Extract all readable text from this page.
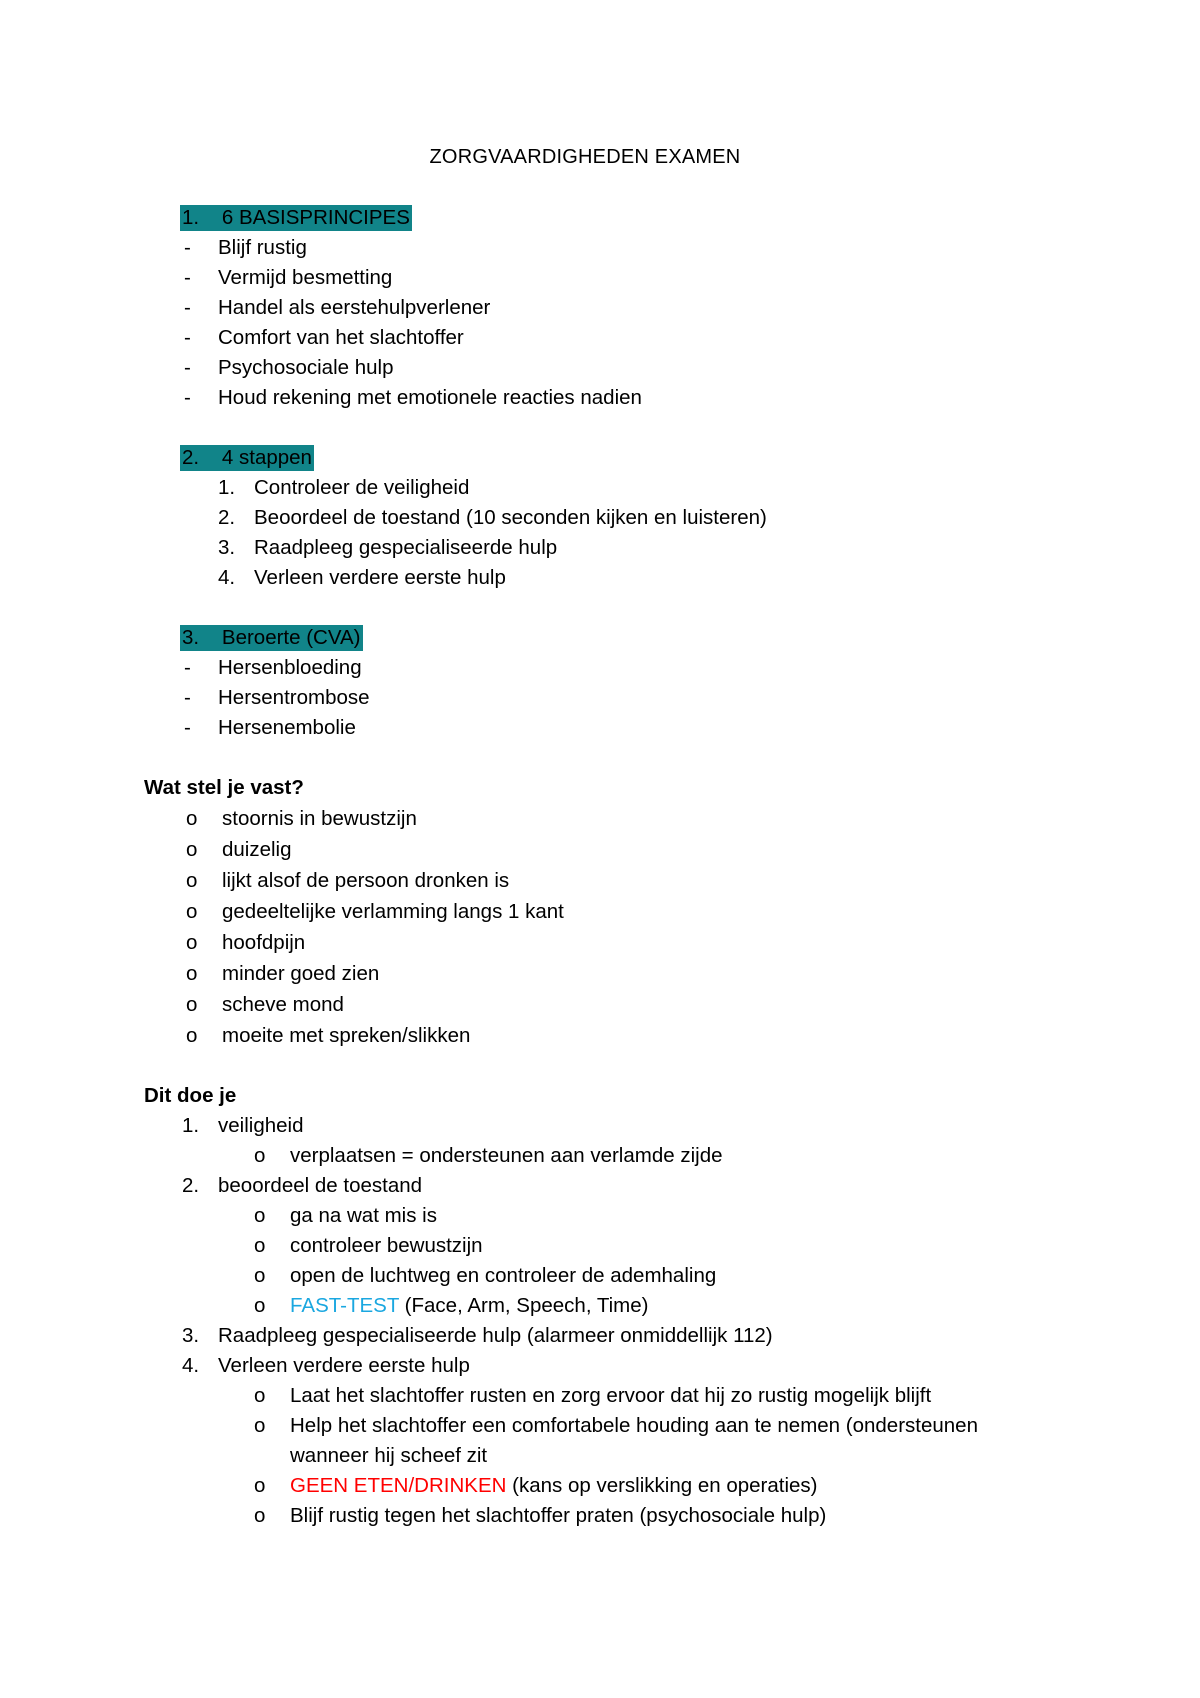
ZORGVAARDIGHEDEN EXAMEN
1. 6 BASISPRINCIPES
- Blijf rustig
- Vermijd besmetting
- Handel als eerstehulpverlener
- Comfort van het slachtoffer
- Psychosociale hulp
- Houd rekening met emotionele reacties nadien
2. 4 stappen
1. Controleer de veiligheid
2. Beoordeel de toestand (10 seconden kijken en luisteren)
3. Raadpleeg gespecialiseerde hulp
4. Verleen verdere eerste hulp
3. Beroerte (CVA)
- Hersenbloeding
- Hersentrombose
- Hersenembolie
Wat stel je vast?
o stoornis in bewustzijn
o duizelig
o lijkt alsof de persoon dronken is
o gedeeltelijke verlamming langs 1 kant
o hoofdpijn
o minder goed zien
o scheve mond
o moeite met spreken/slikken
Dit doe je
1. veiligheid
o verplaatsen = ondersteunen aan verlamde zijde
2. beoordeel de toestand
o ga na wat mis is
o controleer bewustzijn
o open de luchtweg en controleer de ademhaling
o FAST-TEST (Face, Arm, Speech, Time)
3. Raadpleeg gespecialiseerde hulp (alarmeer onmiddellijk 112)
4. Verleen verdere eerste hulp
o Laat het slachtoffer rusten en zorg ervoor dat hij zo rustig mogelijk blijft
o Help het slachtoffer een comfortabele houding aan te nemen (ondersteunen
wanneer hij scheef zit
o GEEN ETEN/DRINKEN (kans op verslikking en operaties)
o Blijf rustig tegen het slachtoffer praten (psychosociale hulp)
